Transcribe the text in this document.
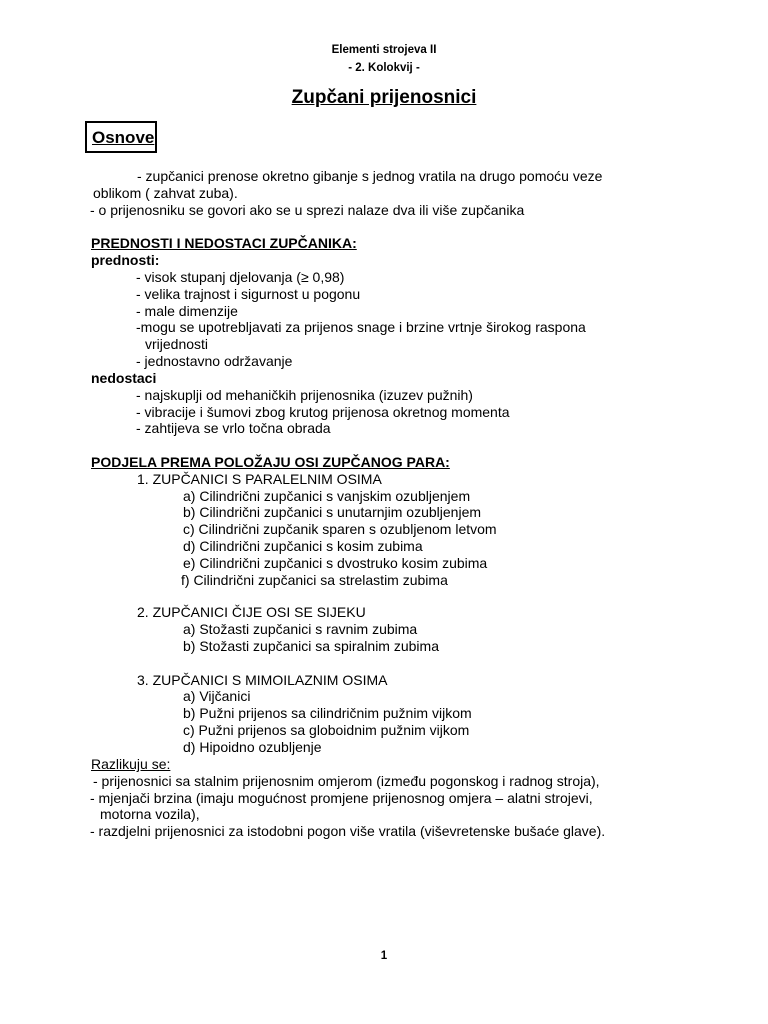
Elementi strojeva II
- 2. Kolokvij -
Zupčani prijenosnici
Osnove
- zupčanici prenose okretno gibanje s jednog vratila na drugo pomoću veze
oblikom ( zahvat zuba).
- o prijenosniku se govori ako se u sprezi nalaze dva ili više zupčanika
PREDNOSTI I NEDOSTACI ZUPČANIKA:
prednosti:
- visok stupanj djelovanja (≥ 0,98)
- velika trajnost i sigurnost u pogonu
- male dimenzije
-mogu se upotrebljavati za prijenos snage i brzine vrtnje širokog raspona
vrijednosti
- jednostavno održavanje
nedostaci
- najskuplji od mehaničkih prijenosnika (izuzev pužnih)
- vibracije i šumovi zbog krutog prijenosa okretnog momenta
- zahtijeva se vrlo točna obrada
PODJELA PREMA POLOŽAJU OSI ZUPČANOG PARA:
1. ZUPČANICI S PARALELNIM OSIMA
a) Cilindrični zupčanici s vanjskim ozubljenjem
b) Cilindrični zupčanici s unutarnjim ozubljenjem
c) Cilindrični zupčanik sparen s ozubljenom letvom
d) Cilindrični zupčanici s kosim zubima
e) Cilindrični zupčanici s dvostruko kosim zubima
f) Cilindrični zupčanici sa strelastim zubima
2. ZUPČANICI ČIJE OSI SE SIJEKU
a) Stožasti zupčanici s ravnim zubima
b) Stožasti zupčanici sa spiralnim zubima
3. ZUPČANICI S MIMOILAZNIM OSIMA
a) Vijčanici
b) Pužni prijenos sa cilindričnim pužnim vijkom
c) Pužni prijenos sa globoidnim pužnim vijkom
d) Hipoidno ozubljenje
Razlikuju se:
- prijenosnici sa stalnim prijenosnim omjerom (između pogonskog i radnog stroja),
- mjenjači brzina (imaju mogućnost promjene prijenosnog omjera – alatni strojevi,
motorna vozila),
- razdjelni prijenosnici za istodobni pogon više vratila (viševretenske bušaće glave).
1
